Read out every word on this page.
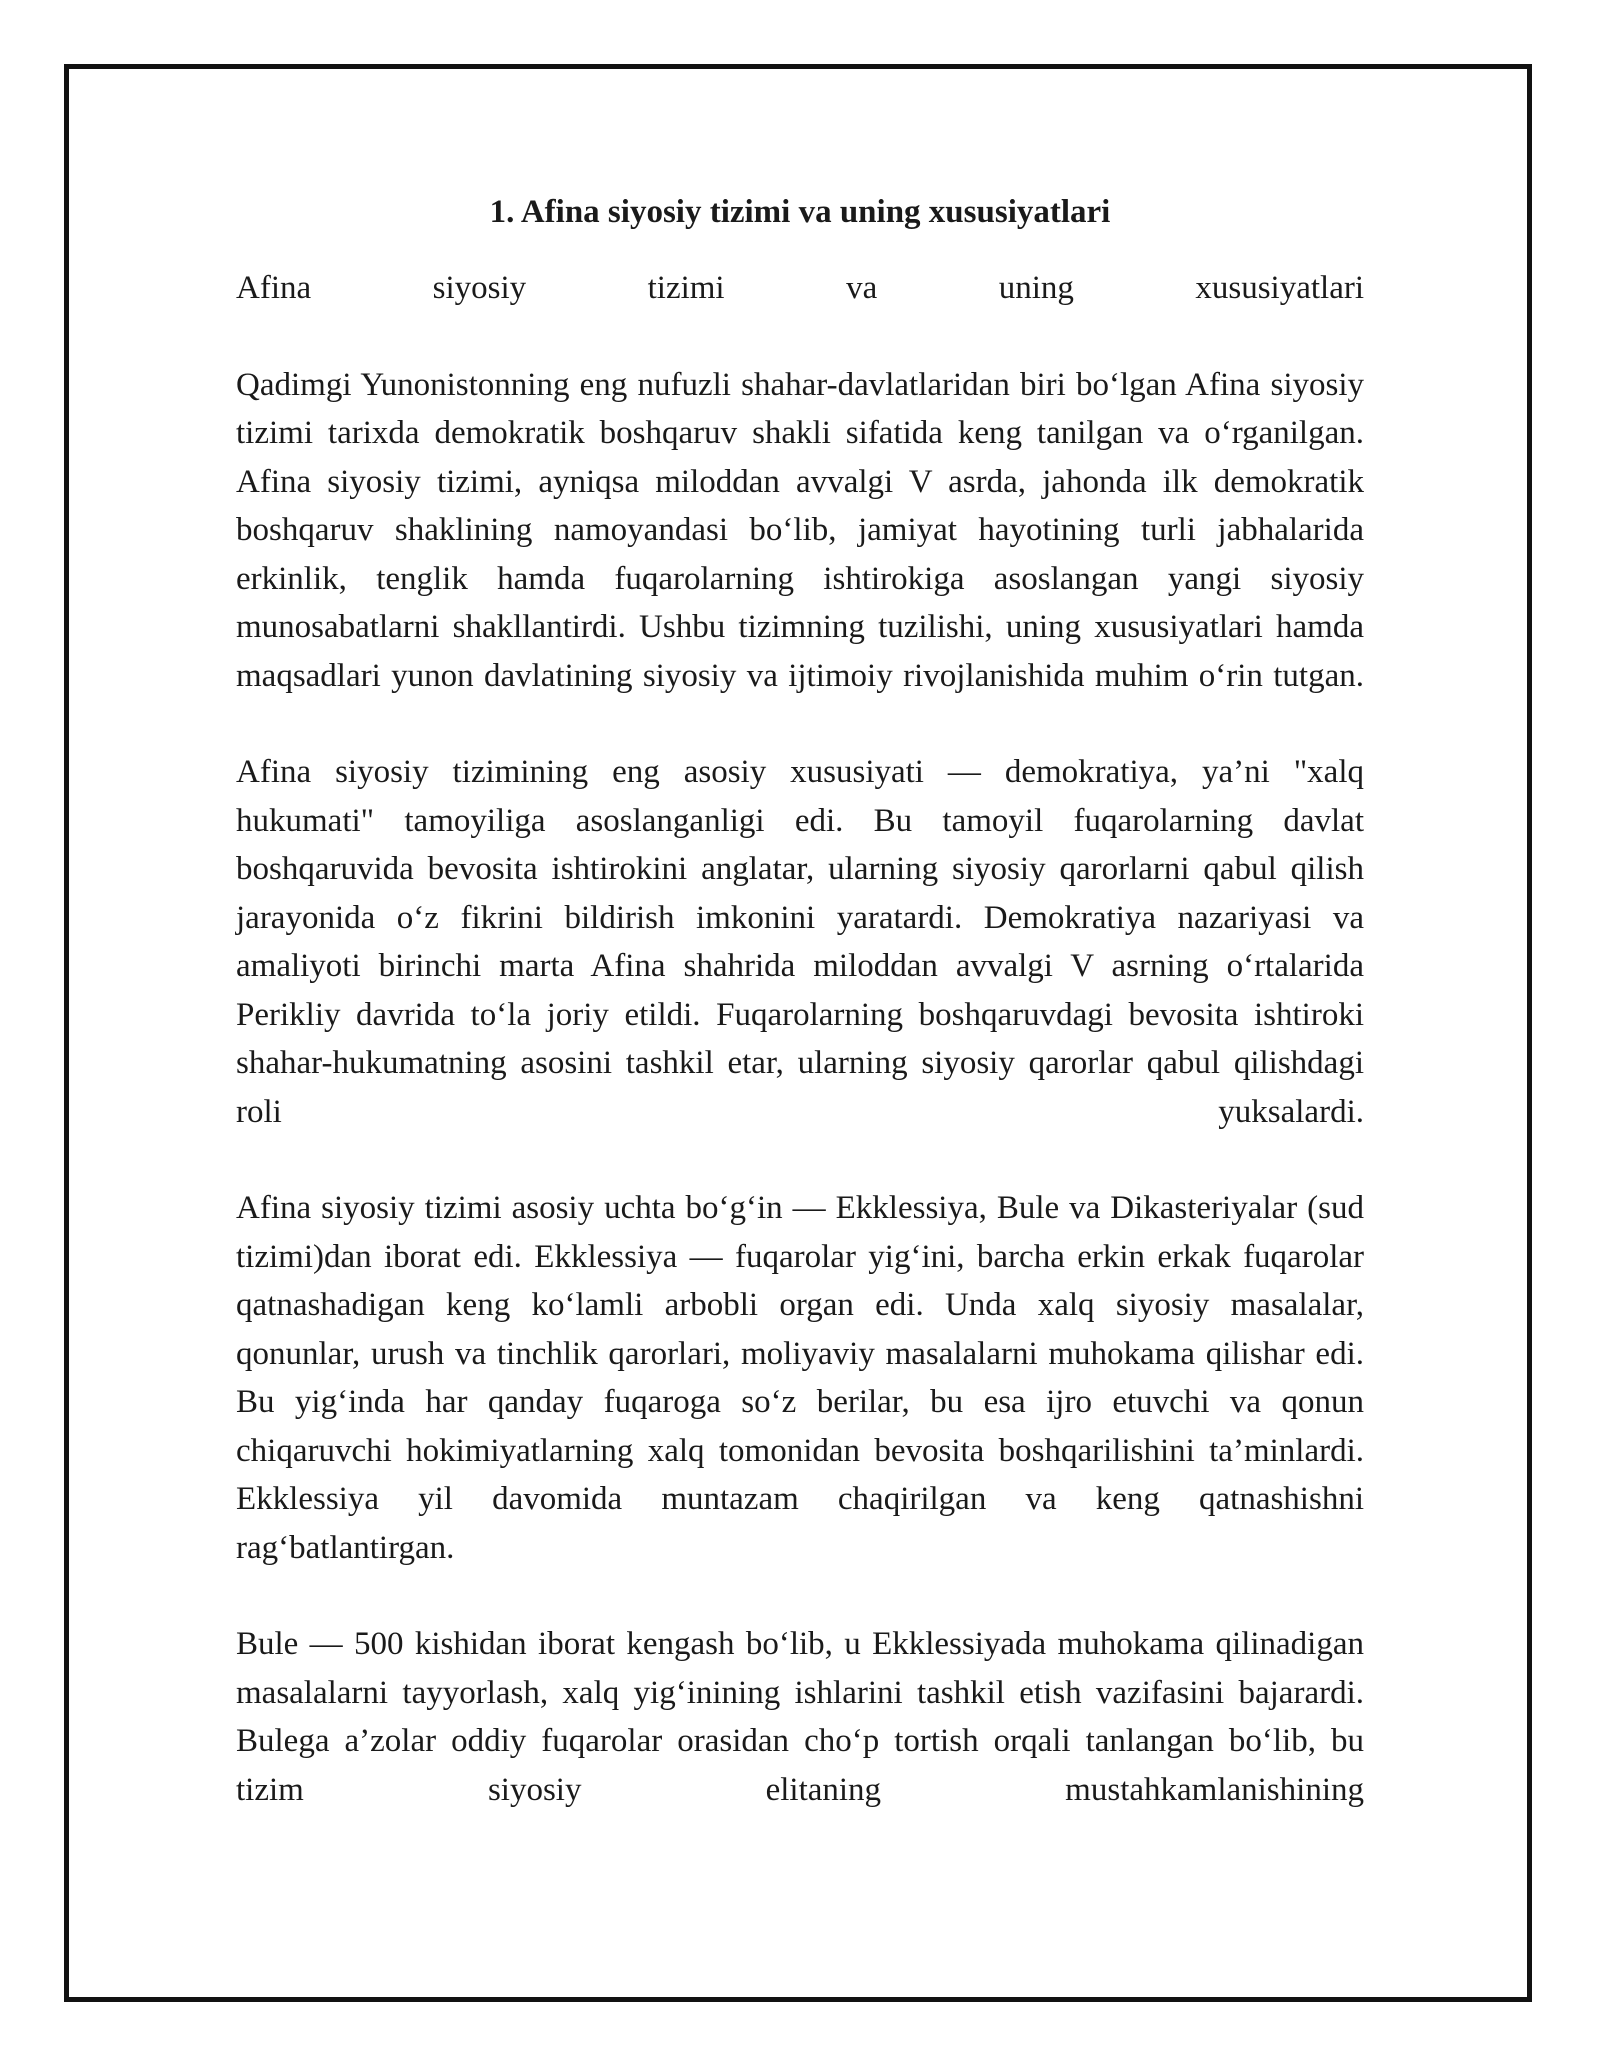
1. Afina siyosiy tizimi va uning xususiyatlari

Afina siyosiy tizimi va uning xususiyatlari

Qadimgi Yunonistonning eng nufuzli shahar-davlatlaridan biri bo‘lgan Afina siyosiy tizimi tarixda demokratik boshqaruv shakli sifatida keng tanilgan va o‘rganilgan. Afina siyosiy tizimi, ayniqsa miloddan avvalgi V asrda, jahonda ilk demokratik boshqaruv shaklining namoyandasi bo‘lib, jamiyat hayotining turli jabhalarida erkinlik, tenglik hamda fuqarolarning ishtirokiga asoslangan yangi siyosiy munosabatlarni shakllantirdi. Ushbu tizimning tuzilishi, uning xususiyatlari hamda maqsadlari yunon davlatining siyosiy va ijtimoiy rivojlanishida muhim o‘rin tutgan.

Afina siyosiy tizimining eng asosiy xususiyati — demokratiya, ya’ni "xalq hukumati" tamoyiliga asoslanganligi edi. Bu tamoyil fuqarolarning davlat boshqaruvida bevosita ishtirokini anglatar, ularning siyosiy qarorlarni qabul qilish jarayonida o‘z fikrini bildirish imkonini yaratardi. Demokratiya nazariyasi va amaliyoti birinchi marta Afina shahrida miloddan avvalgi V asrning o‘rtalarida Perikliy davrida to‘la joriy etildi. Fuqarolarning boshqaruvdagi bevosita ishtiroki shahar-hukumatning asosini tashkil etar, ularning siyosiy qarorlar qabul qilishdagi roli yuksalardi.

Afina siyosiy tizimi asosiy uchta bo‘g‘in — Ekklessiya, Bule va Dikasteriyalar (sud tizimi)dan iborat edi. Ekklessiya — fuqarolar yig‘ini, barcha erkin erkak fuqarolar qatnashadigan keng ko‘lamli arbobli organ edi. Unda xalq siyosiy masalalar, qonunlar, urush va tinchlik qarorlari, moliyaviy masalalarni muhokama qilishar edi. Bu yig‘inda har qanday fuqaroga so‘z berilar, bu esa ijro etuvchi va qonun chiqaruvchi hokimiyatlarning xalq tomonidan bevosita boshqarilishini ta’minlardi. Ekklessiya yil davomida muntazam chaqirilgan va keng qatnashishni rag‘batlantirgan.

Bule — 500 kishidan iborat kengash bo‘lib, u Ekklessiyada muhokama qilinadigan masalalarni tayyorlash, xalq yig‘inining ishlarini tashkil etish vazifasini bajarardi. Bulega a’zolar oddiy fuqarolar orasidan cho‘p tortish orqali tanlangan bo‘lib, bu tizim siyosiy elitaning mustahkamlanishining
